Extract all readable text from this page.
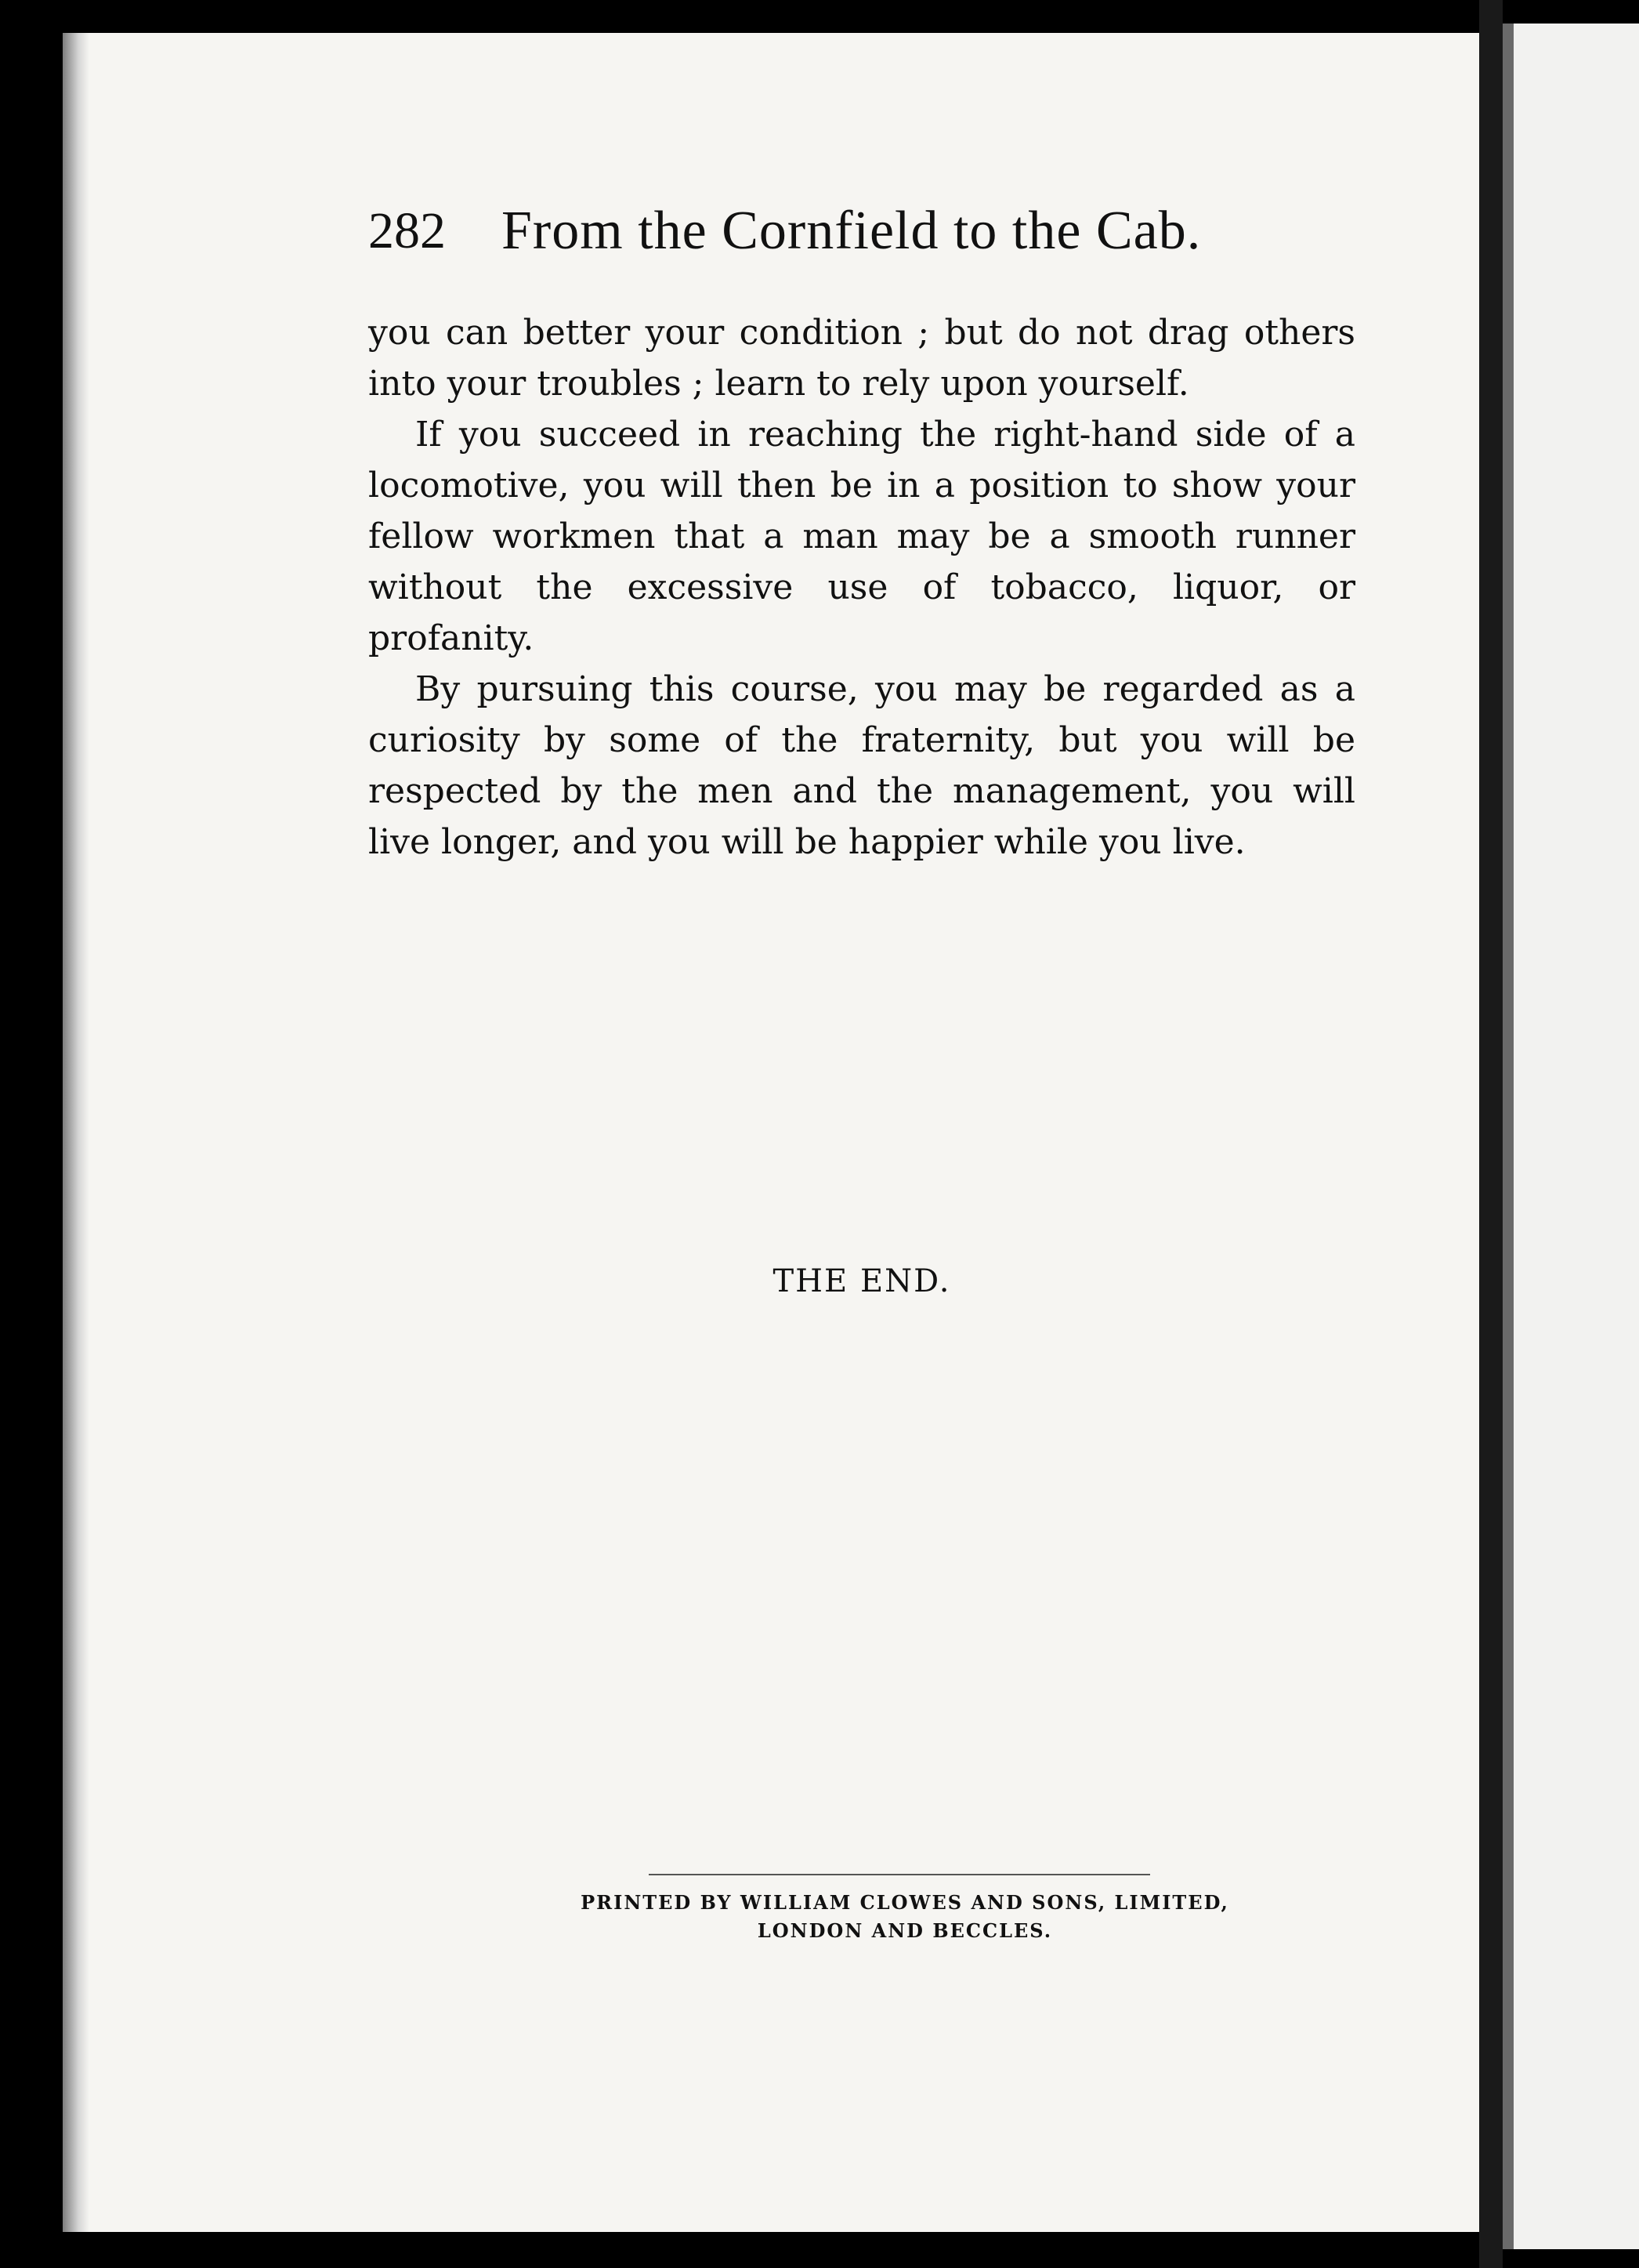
282 From the Cornfield to the Cab.

you can better your condition ; but do not drag others into your troubles ; learn to rely upon yourself.

If you succeed in reaching the right-hand side of a locomotive, you will then be in a position to show your fellow workmen that a man may be a smooth runner without the excessive use of tobacco, liquor, or profanity.

By pursuing this course, you may be regarded as a curiosity by some of the fraternity, but you will be respected by the men and the management, you will live longer, and you will be happier while you live.

THE END.
PRINTED BY WILLIAM CLOWES AND SONS, LIMITED,
LONDON AND BECCLES.
